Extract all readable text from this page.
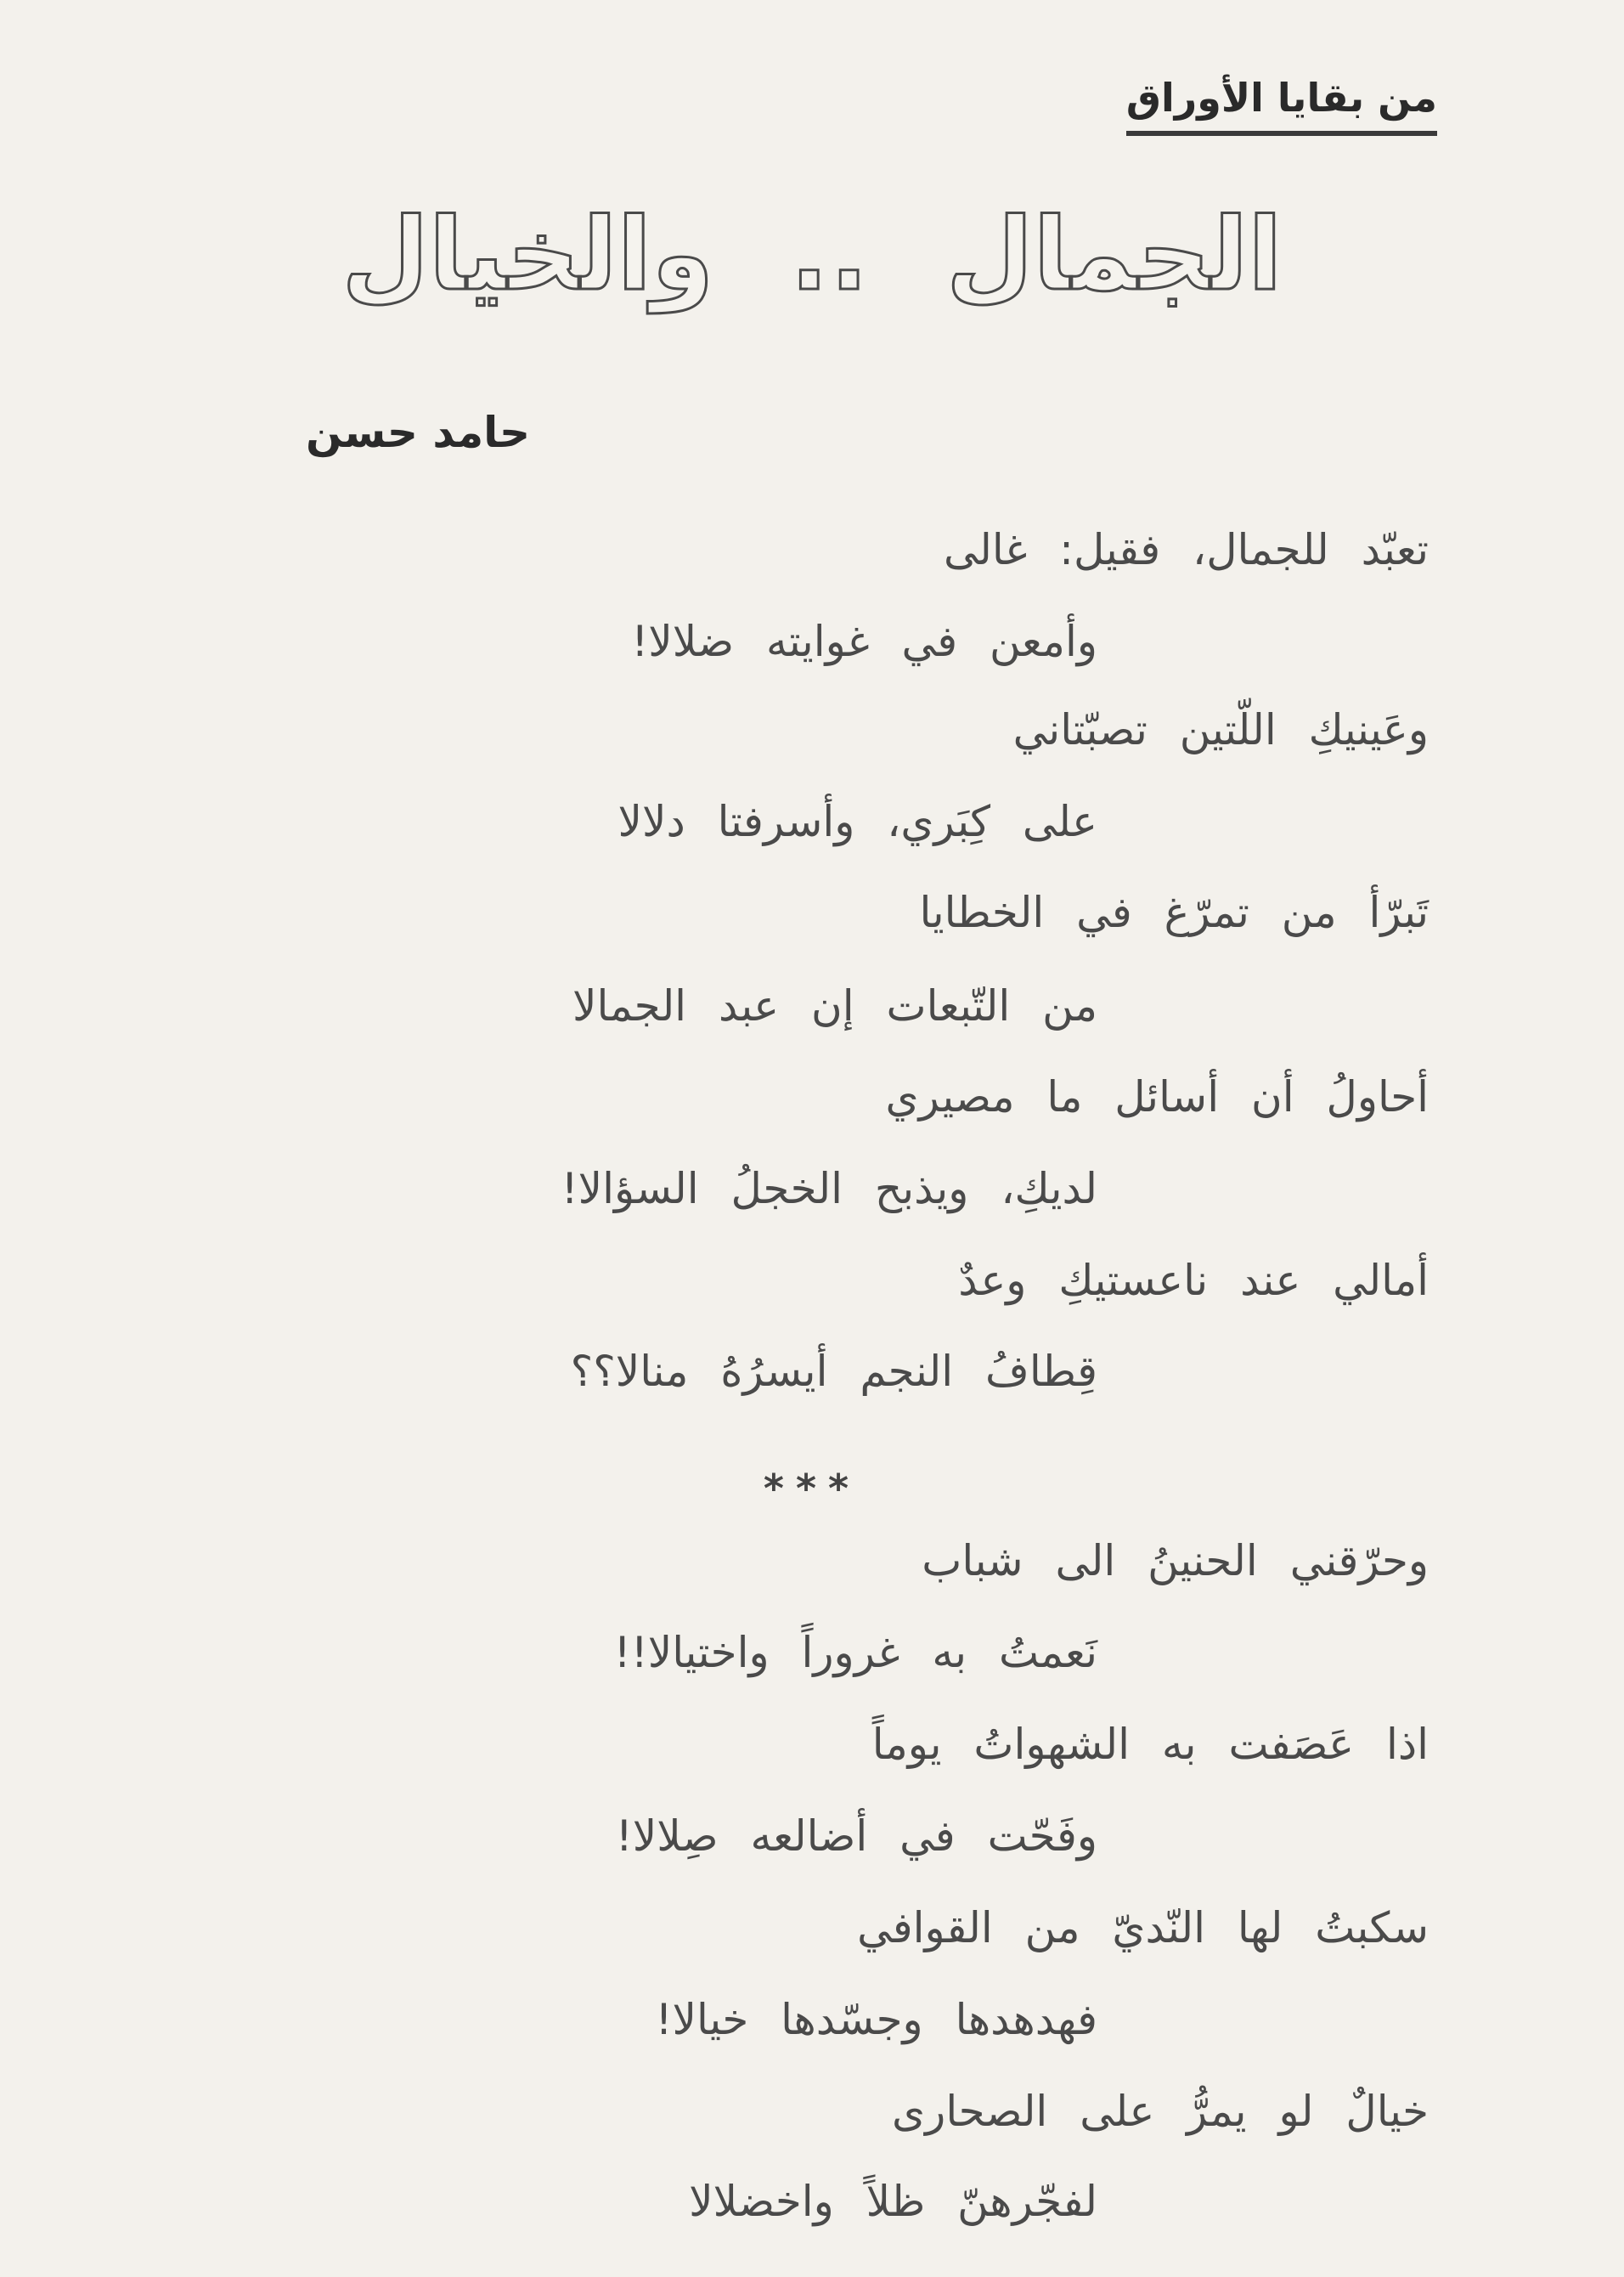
من بقايا الأوراق
الجمال..والخيال
حامد حسن
تعبّد للجمال، فقيل: غالى
وأمعن في غوايته ضلالا!
وعَينيكِ اللّتين تصبّتاني
على كِبَري، وأسرفتا دلالا
تَبرّأ من تمرّغ في الخطايا
من التّبعات إن عبد الجمالا
أحاولُ أن أسائل ما مصيري
لديكِ، ويذبح الخجلُ السؤالا!
أمالي عند ناعستيكِ وعدٌ
قِطافُ النجم أيسرُهُ منالا؟؟
***
وحرّقني الحنينُ الى شباب
نَعمتُ به غروراً واختيالا!!
اذا عَصَفت به الشهواتُ يوماً
وفَحّت في أضالعه صِلالا!
سكبتُ لها النّديّ من القوافي
فهدهدها وجسّدها خيالا!
خيالٌ لو يمرُّ على الصحارى
لفجّرهنّ ظلاً واخضلالا
